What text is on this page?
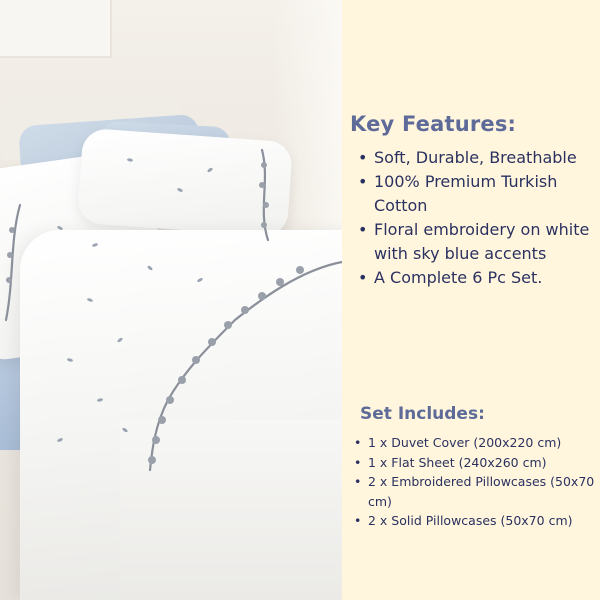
Key Features:
• Soft, Durable, Breathable
• 100% Premium Turkish Cotton
• Floral embroidery on white with sky blue accents
• A Complete 6 Pc Set.
Set Includes:
• 1 x Duvet Cover (200x220 cm)
• 1 x Flat Sheet (240x260 cm)
• 2 x Embroidered Pillowcases (50x70 cm)
• 2 x Solid Pillowcases (50x70 cm)
